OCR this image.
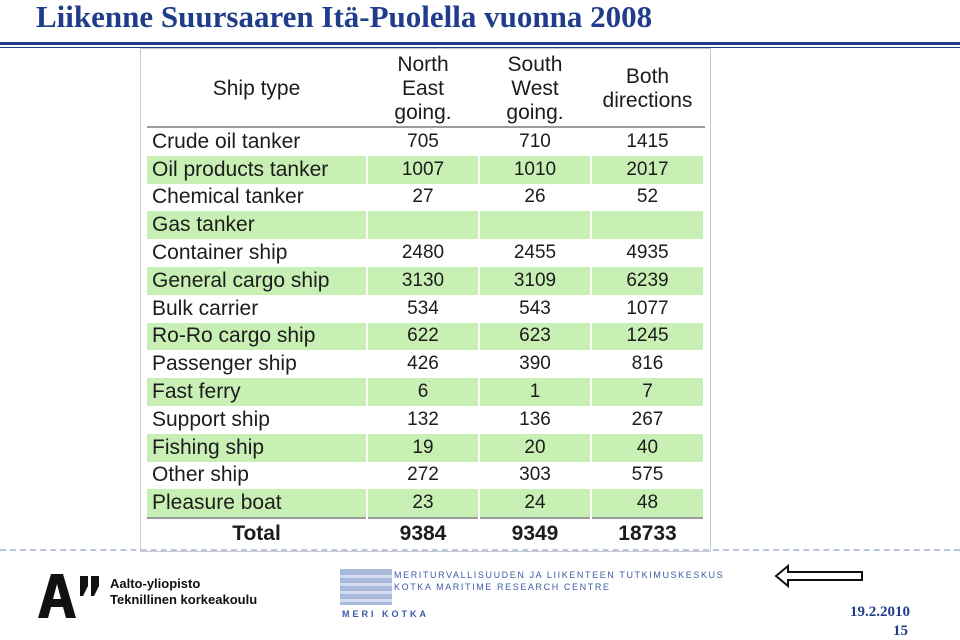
Liikenne Suursaaren Itä-Puolella vuonna 2008
Ship type	North East going.	South West going.	Both directions
Crude oil tanker	705	710	1415
Oil products tanker	1007	1010	2017
Chemical tanker	27	26	52
Gas tanker			
Container ship	2480	2455	4935
General cargo ship	3130	3109	6239
Bulk carrier	534	543	1077
Ro-Ro cargo ship	622	623	1245
Passenger ship	426	390	816
Fast ferry	6	1	7
Support ship	132	136	267
Fishing ship	19	20	40
Other ship	272	303	575
Pleasure boat	23	24	48
Total	9384	9349	18733
Aalto-yliopisto
Teknillinen korkeakoulu
MERI KOTKA
MERITURVALLISUUDEN JA LIIKENTEEN TUTKIMUSKESKUS
KOTKA MARITIME RESEARCH CENTRE
19.2.2010
15
